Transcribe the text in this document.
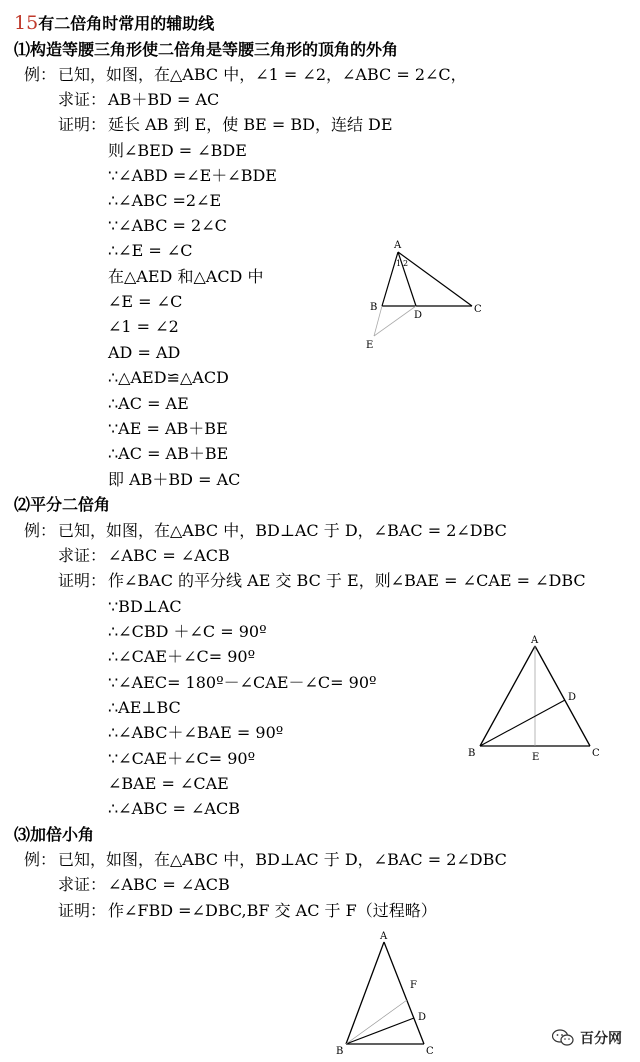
15有二倍角时常用的辅助线
⑴构造等腰三角形使二倍角是等腰三角形的顶角的外角
例： 已知，如图，在△ABC 中，∠1 = ∠2，∠ABC = 2∠C，
求证： AB＋BD = AC
证明： 延长 AB 到 E，使 BE = BD，连结 DE
则∠BED = ∠BDE
∵∠ABD =∠E＋∠BDE
∴∠ABC =2∠E
∵∠ABC = 2∠C
∴∠E = ∠C
在△AED 和△ACD 中
∠E = ∠C
∠1 = ∠2
AD = AD
∴△AED≌△ACD
∴AC = AE
∵AE = AB＋BE
∴AC = AB＋BE
即 AB＋BD = AC
A
B	C
D
E
1 2
⑵平分二倍角
例： 已知，如图，在△ABC 中，BD⊥AC 于 D，∠BAC = 2∠DBC
求证： ∠ABC = ∠ACB
证明： 作∠BAC 的平分线 AE 交 BC 于 E，则∠BAE = ∠CAE = ∠DBC
∵BD⊥AC
∴∠CBD ＋∠C = 90º
∴∠CAE＋∠C= 90º
∵∠AEC= 180º－∠CAE－∠C= 90º
∴AE⊥BC
∴∠ABC＋∠BAE = 90º
∵∠CAE＋∠C= 90º
∠BAE = ∠CAE
∴∠ABC = ∠ACB
A
B	C
D
E
⑶加倍小角
例： 已知，如图，在△ABC 中，BD⊥AC 于 D，∠BAC = 2∠DBC
求证： ∠ABC = ∠ACB
证明： 作∠FBD =∠DBC,BF 交 AC 于 F（过程略）
A
B	C
D
F
百分网
